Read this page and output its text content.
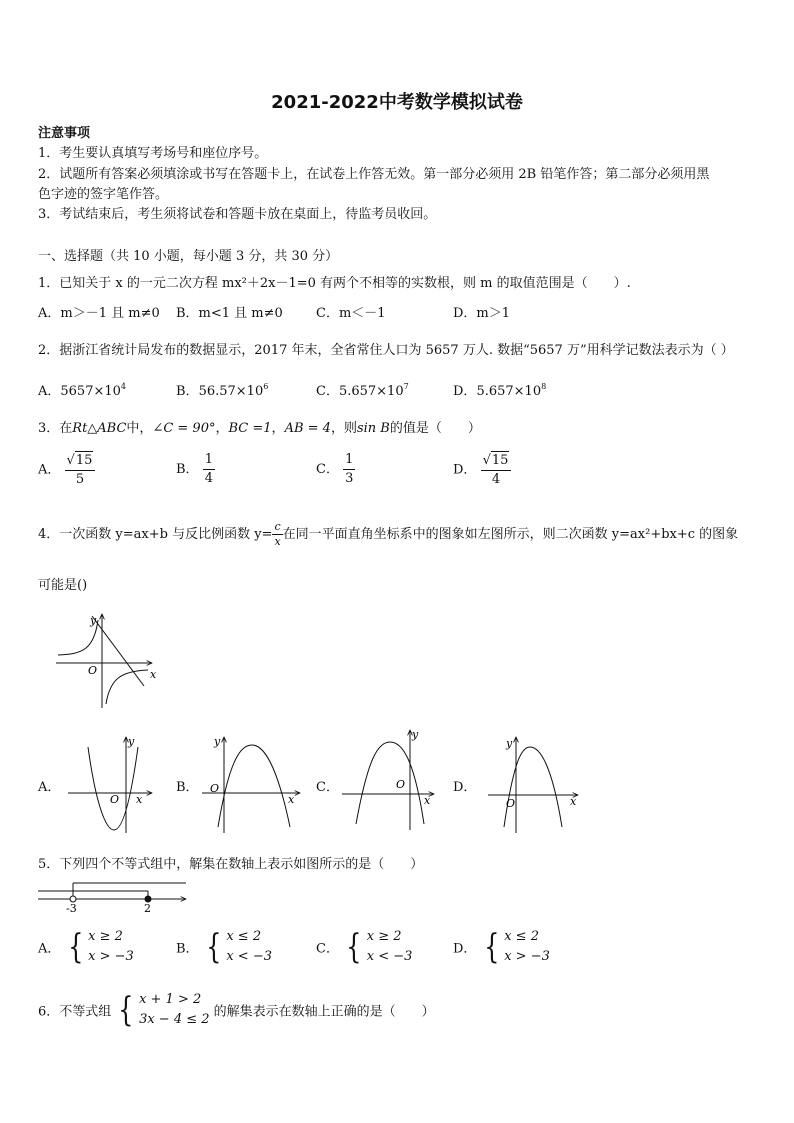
2021-2022中考数学模拟试卷
注意事项
1．考生要认真填写考场号和座位序号。
2．试题所有答案必须填涂或书写在答题卡上，在试卷上作答无效。第一部分必须用 2B 铅笔作答；第二部分必须用黑
色字迹的签字笔作答。
3．考试结束后，考生须将试卷和答题卡放在桌面上，待监考员收回。
一、选择题（共 10 小题，每小题 3 分，共 30 分）
1．已知关于 x 的一元二次方程 mx²＋2x－1=0 有两个不相等的实数根，则 m 的取值范围是（　　）.
A．m＞－1 且 m≠0 B．m<1 且 m≠0	C．m＜－1	D．m＞1
2．据浙江省统计局发布的数据显示，2017 年末，全省常住人口为 5657 万人. 数据“5657 万”用科学记数法表示为（ ）
A．$5657\times 10^4$	B．$56.57\times 10^6$	C．$5.657\times 10^7$	D．$5.657\times 10^8$
3．在Rt△ABC中，∠C = 90°，BC =1，AB = 4，则sin B的值是（　　）
A． $\frac{√15}{5}$	B． $\frac{1}{4}$	C． $\frac{1}{3}$	D． $\frac{√15}{4}$
4．一次函数 y=ax+b 与反比例函数 $y= \frac{c}{x}$ 在同一平面直角坐标系中的图象如左图所示，则二次函数 y=ax²+bx+c 的图象
可能是()
O	x
y
A．
O x
y
B． O
x
y
C．	O
x
y
D．
O	x
y
5．下列四个不等式组中，解集在数轴上表示如图所示的是（　　）
-3	2
A． { x ≥ 2
x > −3	B． { x ≤ 2
x < −3	C． { x ≥ 2
x < −3	D． { x ≤ 2
x > −3
6．不等式组 { x + 1 > 2
3x − 4 ≤ 2 的解集表示在数轴上正确的是（　　）
